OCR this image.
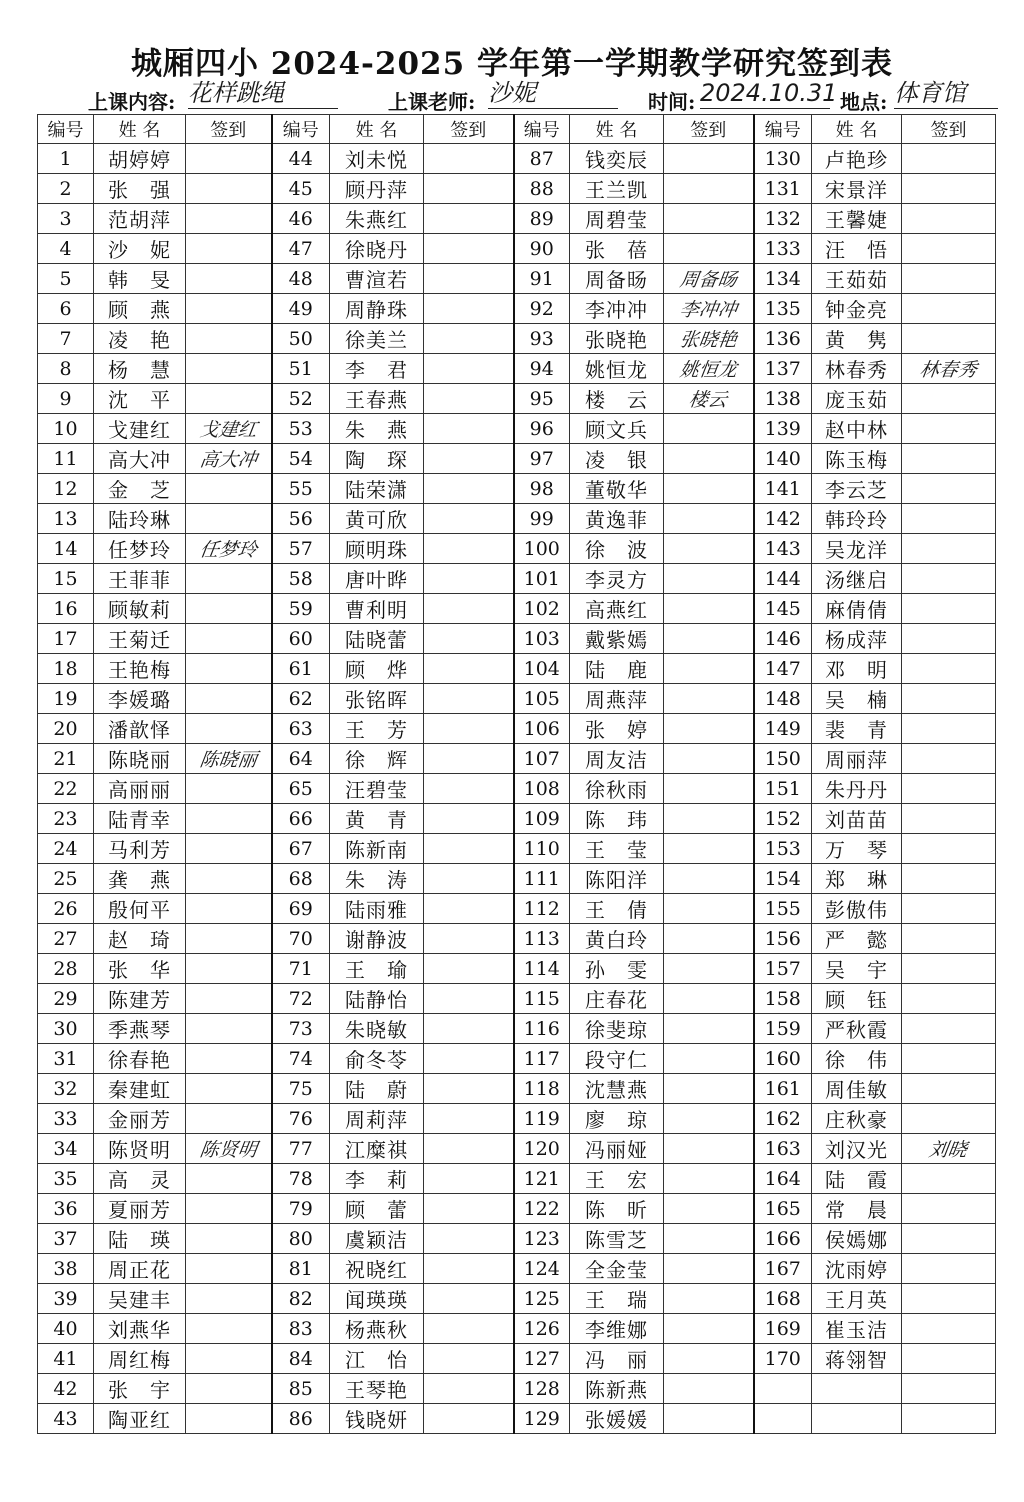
城厢四小 2024-2025 学年第一学期教学研究签到表
上课内容: 花样跳绳	上课老师: 沙妮	时间: 2024.10.31 地点: 体育馆
编号	姓 名	签到	编号	姓 名	签到	编号	姓 名	签到	编号	姓 名	签到
1	胡婷婷		44	刘未悦		87	钱奕辰		130	卢艳珍	
2	张　强		45	顾丹萍		88	王兰凯		131	宋景洋	
3	范胡萍		46	朱燕红		89	周碧莹		132	王馨婕	
4	沙　妮		47	徐晓丹		90	张　蓓		133	汪　悟	
5	韩　旻		48	曹渲若		91	周备旸	周备旸	134	王茹茹	
6	顾　燕		49	周静珠		92	李冲冲	李冲冲	135	钟金亮	
7	凌　艳		50	徐美兰		93	张晓艳	张晓艳	136	黄　隽	
8	杨　慧		51	李　君		94	姚恒龙	姚恒龙	137	林春秀	林春秀
9	沈　平		52	王春燕		95	楼　云	楼云	138	庞玉茹	
10	戈建红	戈建红	53	朱　燕		96	顾文兵		139	赵中林	
11	高大冲	高大冲	54	陶　琛		97	凌　银		140	陈玉梅	
12	金　芝		55	陆荣潇		98	董敬华		141	李云芝	
13	陆玲琳		56	黄可欣		99	黄逸菲		142	韩玲玲	
14	任梦玲	任梦玲	57	顾明珠		100	徐　波		143	吴龙洋	
15	王菲菲		58	唐叶晔		101	李灵方		144	汤继启	
16	顾敏莉		59	曹利明		102	高燕红		145	麻倩倩	
17	王菊迁		60	陆晓蕾		103	戴紫嫣		146	杨成萍	
18	王艳梅		61	顾　烨		104	陆　鹿		147	邓　明	
19	李媛璐		62	张铭晖		105	周燕萍		148	吴　楠	
20	潘歆怿		63	王　芳		106	张　婷		149	裴　青	
21	陈晓丽	陈晓丽	64	徐　辉		107	周友洁		150	周丽萍	
22	高丽丽		65	汪碧莹		108	徐秋雨		151	朱丹丹	
23	陆青幸		66	黄　青		109	陈　玮		152	刘苗苗	
24	马利芳		67	陈新南		110	王　莹		153	万　琴	
25	龚　燕		68	朱　涛		111	陈阳洋		154	郑　琳	
26	殷何平		69	陆雨雅		112	王　倩		155	彭傲伟	
27	赵　琦		70	谢静波		113	黄白玲		156	严　懿	
28	张　华		71	王　瑜		114	孙　雯		157	吴　宇	
29	陈建芳		72	陆静怡		115	庄春花		158	顾　钰	
30	季燕琴		73	朱晓敏		116	徐斐琼		159	严秋霞	
31	徐春艳		74	俞冬苓		117	段守仁		160	徐　伟	
32	秦建虹		75	陆　蔚		118	沈慧燕		161	周佳敏	
33	金丽芳		76	周莉萍		119	廖　琼		162	庄秋豪	
34	陈贤明	陈贤明	77	江糜祺		120	冯丽娅		163	刘汉光	刘晓
35	高　灵		78	李　莉		121	王　宏		164	陆　霞	
36	夏丽芳		79	顾　蕾		122	陈　昕		165	常　晨	
37	陆　瑛		80	虞颖洁		123	陈雪芝		166	侯嫣娜	
38	周正花		81	祝晓红		124	全金莹		167	沈雨婷	
39	吴建丰		82	闻瑛瑛		125	王　瑞		168	王月英	
40	刘燕华		83	杨燕秋		126	李维娜		169	崔玉洁	
41	周红梅		84	江　怡		127	冯　丽		170	蒋翎智	
42	张　宇		85	王琴艳		128	陈新燕				
43	陶亚红		86	钱晓妍		129	张媛媛				
